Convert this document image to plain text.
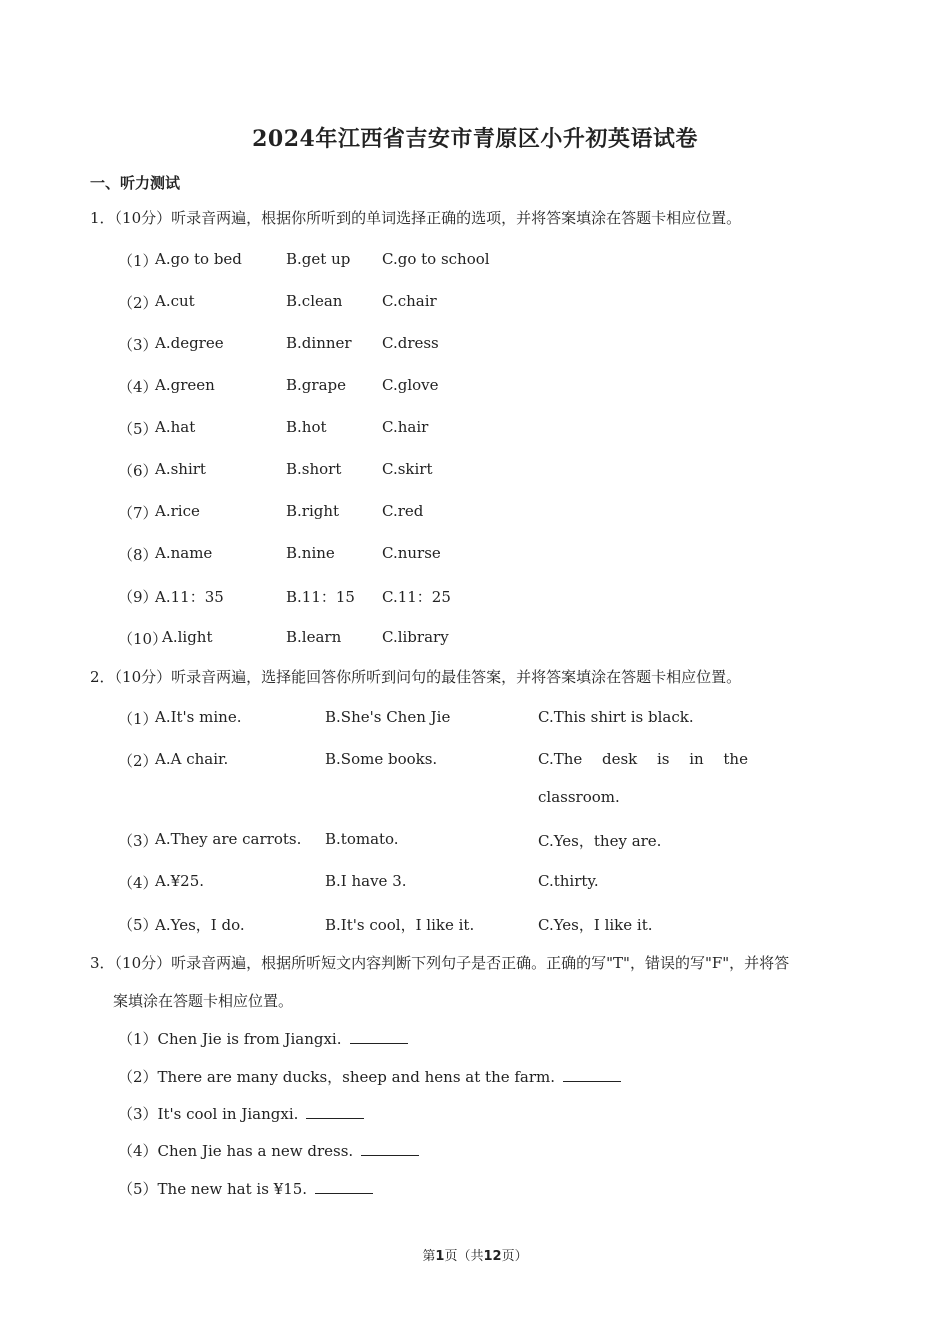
2024年江西省吉安市青原区小升初英语试卷
一、听力测试
1．（10分）听录音两遍，根据你所听到的单词选择正确的选项，并将答案填涂在答题卡相应位置。
（1）
A.go to bed	B.get up C.go to school
（2）
A.cut	B.clean	C.chair
（3）
A.degree	B.dinner C.dress
（4）
A.green	B.grape C.glove
（5）
A.hat	B.hot	C.hair
（6）
A.shirt	B.short	C.skirt
（7）
A.rice	B.right	C.red
（8）
A.name	B.nine	C.nurse
（9）
A.11：35	B.11：15 C.11：25
（10）
A.light	B.learn	C.library
2．（10分）听录音两遍，选择能回答你所听到问句的最佳答案，并将答案填涂在答题卡相应位置。
（1）
A.It's mine.	B.She's Chen Jie	C.This shirt is black.
（2）
A.A chair.	B.Some books.	C.The desk is in the
classroom.
（3）
A.They are carrots. B.tomato.	C.Yes，they are.
（4）
A.¥25.	B.I have 3.	C.thirty.
（5）
A.Yes，I do.	B.It's cool，I like it.	C.Yes，I like it.
3．（10分）听录音两遍，根据所听短文内容判断下列句子是否正确。正确的写"T"，错误的写"F"，并将答
案填涂在答题卡相应位置。
（1）Chen Jie is from Jiangxi.
（2）There are many ducks，sheep and hens at the farm.
（3）It's cool in Jiangxi.
（4）Chen Jie has a new dress.
（5）The new hat is ¥15.
第1页（共12页）
